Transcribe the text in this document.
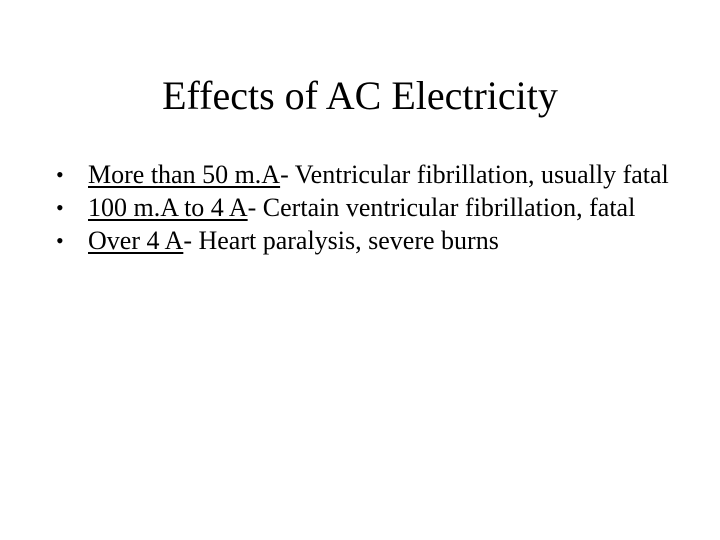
Effects of AC Electricity
• More than 50 m.A- Ventricular fibrillation, usually fatal
• 100 m.A to 4 A- Certain ventricular fibrillation, fatal
• Over 4 A- Heart paralysis, severe burns
